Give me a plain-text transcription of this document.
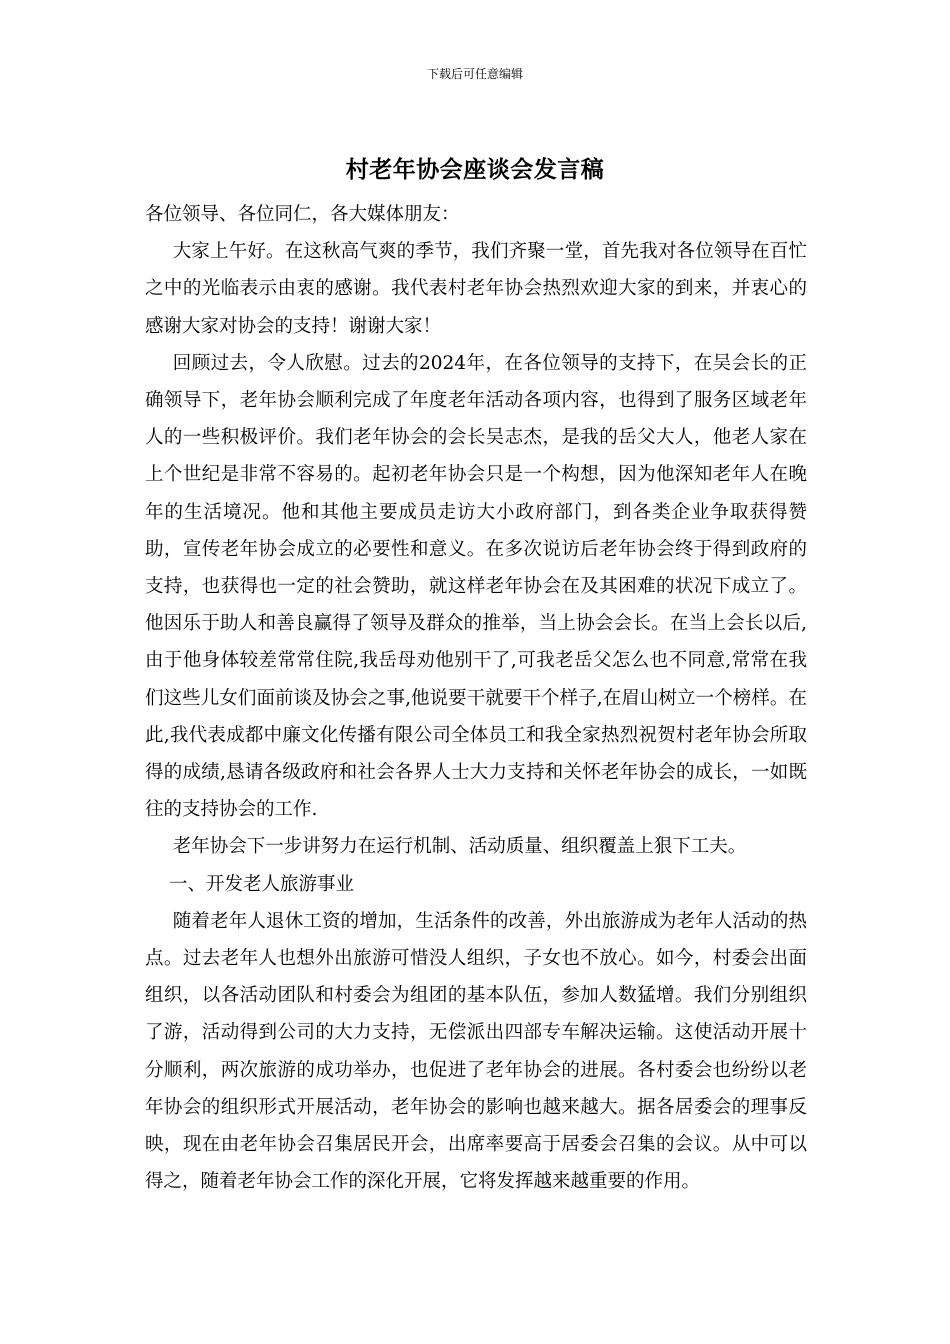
下载后可任意编辑
村老年协会座谈会发言稿

各位领导、各位同仁，各大媒体朋友：

大家上午好。在这秋高气爽的季节，我们齐聚一堂，首先我对各位领导在百忙之中的光临表示由衷的感谢。我代表村老年协会热烈欢迎大家的到来，并衷心的感谢大家对协会的支持！谢谢大家！

回顾过去，令人欣慰。过去的2024年，在各位领导的支持下，在吴会长的正确领导下，老年协会顺利完成了年度老年活动各项内容，也得到了服务区域老年人的一些积极评价。我们老年协会的会长吴志杰，是我的岳父大人，他老人家在上个世纪是非常不容易的。起初老年协会只是一个构想，因为他深知老年人在晚年的生活境况。他和其他主要成员走访大小政府部门，到各类企业争取获得赞助，宣传老年协会成立的必要性和意义。在多次说访后老年协会终于得到政府的支持，也获得也一定的社会赞助，就这样老年协会在及其困难的状况下成立了。他因乐于助人和善良赢得了领导及群众的推举，当上协会会长。在当上会长以后,由于他身体较差常常住院,我岳母劝他别干了,可我老岳父怎么也不同意,常常在我们这些儿女们面前谈及协会之事,他说要干就要干个样子,在眉山树立一个榜样。在此,我代表成都中廉文化传播有限公司全体员工和我全家热烈祝贺村老年协会所取得的成绩,恳请各级政府和社会各界人士大力支持和关怀老年协会的成长，一如既往的支持协会的工作.

老年协会下一步讲努力在运行机制、活动质量、组织覆盖上狠下工夫。

一、开发老人旅游事业

随着老年人退休工资的增加，生活条件的改善，外出旅游成为老年人活动的热点。过去老年人也想外出旅游可惜没人组织，子女也不放心。如今，村委会出面组织，以各活动团队和村委会为组团的基本队伍，参加人数猛增。我们分别组织了游，活动得到公司的大力支持，无偿派出四部专车解决运输。这使活动开展十分顺利，两次旅游的成功举办，也促进了老年协会的进展。各村委会也纷纷以老年协会的组织形式开展活动，老年协会的影响也越来越大。据各居委会的理事反映，现在由老年协会召集居民开会，出席率要高于居委会召集的会议。从中可以得之，随着老年协会工作的深化开展，它将发挥越来越重要的作用。
